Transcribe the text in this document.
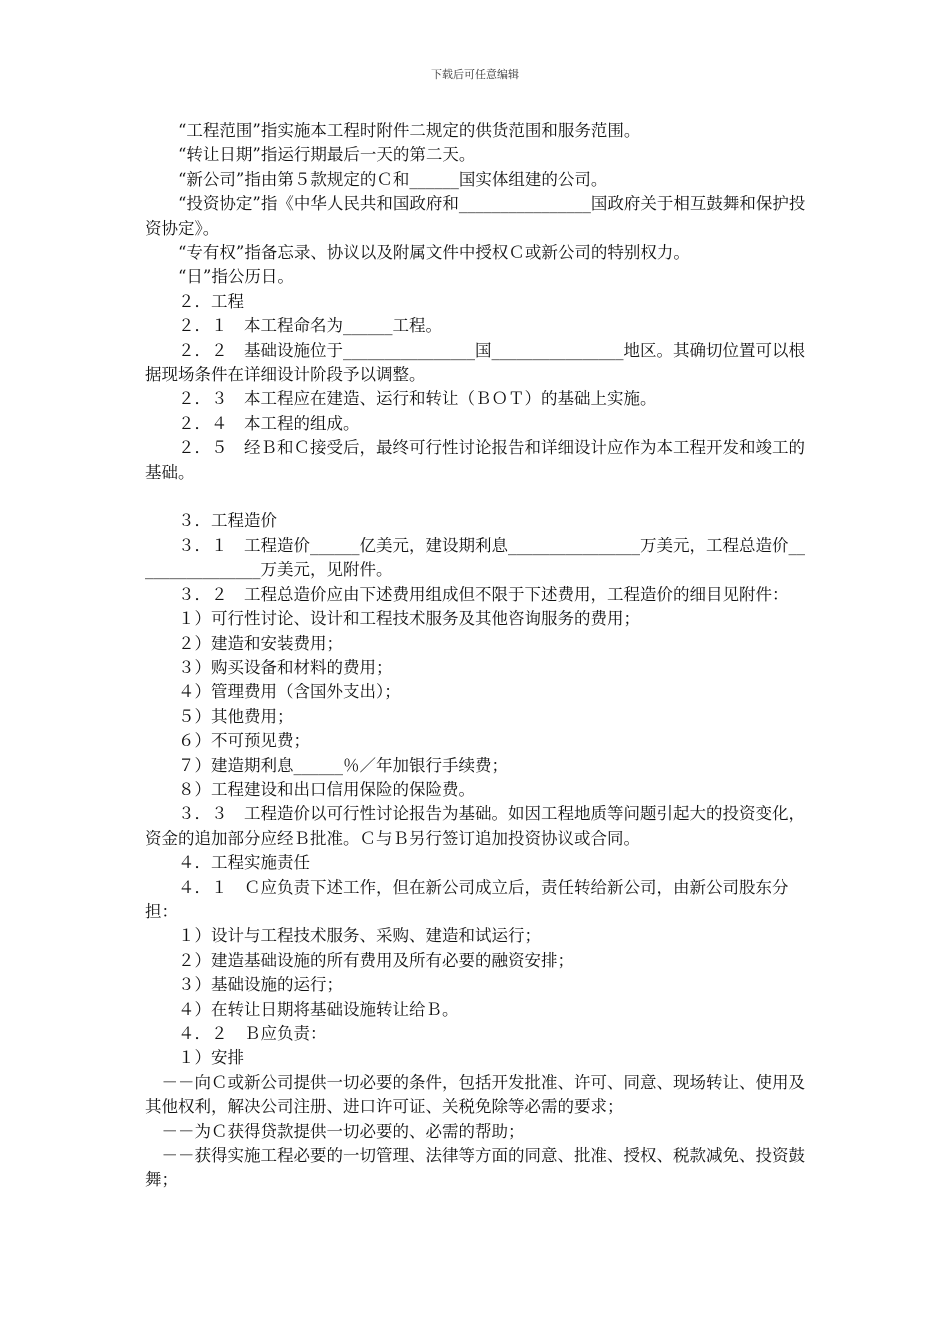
下载后可任意编辑

“工程范围”指实施本工程时附件二规定的供货范围和服务范围。

“转让日期”指运行期最后一天的第二天。

“新公司”指由第５款规定的Ｃ和______国实体组建的公司。

“投资协定”指《中华人民共和国政府和________________国政府关于相互鼓舞和保护投资协定》。

“专有权”指备忘录、协议以及附属文件中授权Ｃ或新公司的特别权力。

“日”指公历日。

２．工程

２．１　本工程命名为______工程。

２．２　基础设施位于________________国________________地区。其确切位置可以根据现场条件在详细设计阶段予以调整。

２．３　本工程应在建造、运行和转让（ＢＯＴ）的基础上实施。

２．４　本工程的组成。

２．５　经Ｂ和Ｃ接受后，最终可行性讨论报告和详细设计应作为本工程开发和竣工的基础。

３．工程造价

３．１　工程造价______亿美元，建设期利息________________万美元，工程总造价________________万美元，见附件。

３．２　工程总造价应由下述费用组成但不限于下述费用，工程造价的细目见附件：

１）可行性讨论、设计和工程技术服务及其他咨询服务的费用；

２）建造和安装费用；

３）购买设备和材料的费用；

４）管理费用（含国外支出）；

５）其他费用；

６）不可预见费；

７）建造期利息______％／年加银行手续费；

８）工程建设和出口信用保险的保险费。

３．３　工程造价以可行性讨论报告为基础。如因工程地质等问题引起大的投资变化，资金的追加部分应经Ｂ批准。Ｃ与Ｂ另行签订追加投资协议或合同。

４．工程实施责任

４．１　Ｃ应负责下述工作，但在新公司成立后，责任转给新公司，由新公司股东分担：

１）设计与工程技术服务、采购、建造和试运行；

２）建造基础设施的所有费用及所有必要的融资安排；

３）基础设施的运行；

４）在转让日期将基础设施转让给Ｂ。

４．２　Ｂ应负责：

１）安排

－－向Ｃ或新公司提供一切必要的条件，包括开发批准、许可、同意、现场转让、使用及其他权利，解决公司注册、进口许可证、关税免除等必需的要求；

－－为Ｃ获得贷款提供一切必要的、必需的帮助；

－－获得实施工程必要的一切管理、法律等方面的同意、批准、授权、税款减免、投资鼓舞；
